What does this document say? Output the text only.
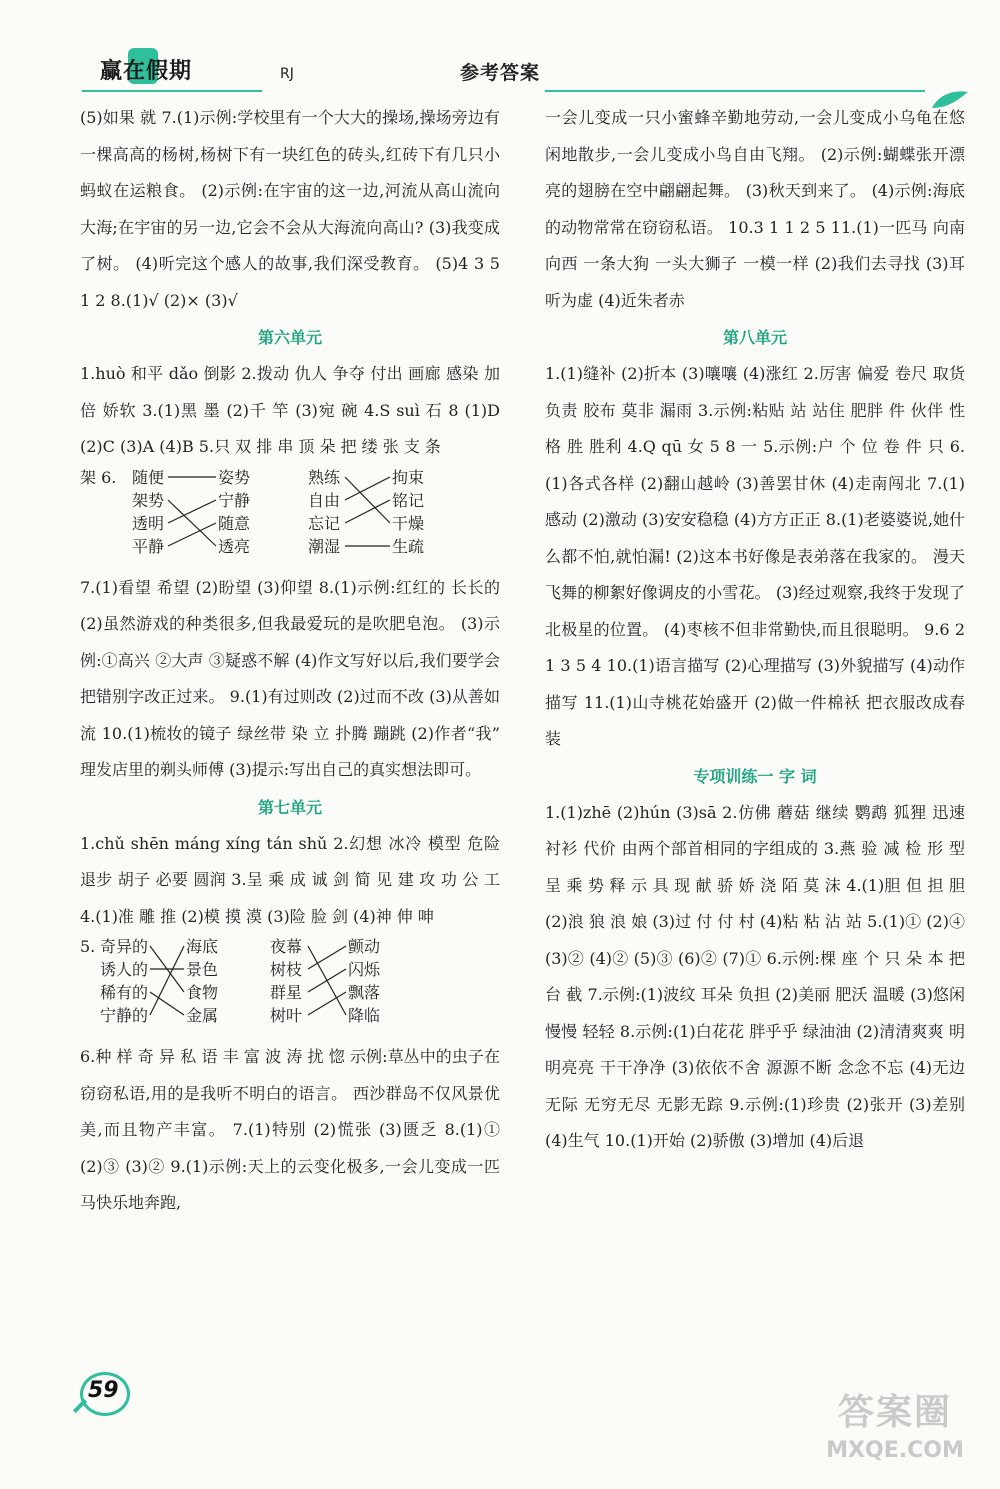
赢在假期	RJ	参考答案

(5)如果 就 7.(1)示例:学校里有一个大大的操场,操场旁边有一棵高高的杨树,杨树下有一块红色的砖头,红砖下有几只小蚂蚁在运粮食。 (2)示例:在宇宙的这一边,河流从高山流向大海;在宇宙的另一边,它会不会从大海流向高山? (3)我变成了树。 (4)听完这个感人的故事,我们深受教育。 (5)4 3 5 1 2 8.(1)√ (2)× (3)√

第六单元

1.huò 和平 dǎo 倒影 2.拨动 仇人 争夺 付出 画廊 感染 加倍 娇软 3.(1)黑 墨 (2)千 竿 (3)宛 碗 4.S suì 石 8 (1)D (2)C (3)A (4)B 5.只 双 排 串 顶 朵 把 缕 张 支 条

架 6. 随便
架势
透明
平静
姿势
宁静
随意
透亮
熟练
自由
忘记
潮湿
拘束
铭记
干燥
生疏

7.(1)看望 希望 (2)盼望 (3)仰望 8.(1)示例:红红的 长长的 (2)虽然游戏的种类很多,但我最爱玩的是吹肥皂泡。 (3)示例:①高兴 ②大声 ③疑惑不解 (4)作文写好以后,我们要学会把错别字改正过来。 9.(1)有过则改 (2)过而不改 (3)从善如流 10.(1)梳妆的镜子 绿丝带 染 立 扑腾 蹦跳 (2)作者“我” 理发店里的剃头师傅 (3)提示:写出自己的真实想法即可。

第七单元

1.chǔ shēn máng xíng tán shǔ 2.幻想 冰冷 模型 危险 退步 胡子 必要 圆润 3.呈 乘 成 诚 剑 简 见 建 攻 功 公 工 4.(1)准 雕 推 (2)模 摸 漠 (3)险 脸 剑 (4)神 伸 呻

5. 奇异的
诱人的
稀有的
宁静的
海底
景色
食物
金属
夜幕
树枝
群星
树叶
颤动
闪烁
飘落
降临

6.种 样 奇 异 私 语 丰 富 波 涛 扰 惚 示例:草丛中的虫子在窃窃私语,用的是我听不明白的语言。 西沙群岛不仅风景优美,而且物产丰富。 7.(1)特别 (2)慌张 (3)匮乏 8.(1)① (2)③ (3)② 9.(1)示例:天上的云变化极多,一会儿变成一匹马快乐地奔跑,

一会儿变成一只小蜜蜂辛勤地劳动,一会儿变成小乌龟在悠闲地散步,一会儿变成小鸟自由飞翔。 (2)示例:蝴蝶张开漂亮的翅膀在空中翩翩起舞。 (3)秋天到来了。 (4)示例:海底的动物常常在窃窃私语。 10.3 1 1 2 5 11.(1)一匹马 向南 向西 一条大狗 一头大狮子 一模一样 (2)我们去寻找 (3)耳听为虚 (4)近朱者赤

第八单元

1.(1)缝补 (2)折本 (3)嚷嚷 (4)涨红 2.厉害 偏爱 卷尺 取货 负责 胶布 莫非 漏雨 3.示例:粘贴 站 站住 肥胖 件 伙伴 性格 胜 胜利 4.Q qū 女 5 8 一 5.示例:户 个 位 卷 件 只 6.(1)各式各样 (2)翻山越岭 (3)善罢甘休 (4)走南闯北 7.(1)感动 (2)激动 (3)安安稳稳 (4)方方正正 8.(1)老婆婆说,她什么都不怕,就怕漏! (2)这本书好像是表弟落在我家的。 漫天飞舞的柳絮好像调皮的小雪花。 (3)经过观察,我终于发现了北极星的位置。 (4)枣核不但非常勤快,而且很聪明。 9.6 2 1 3 5 4 10.(1)语言描写 (2)心理描写 (3)外貌描写 (4)动作描写 11.(1)山寺桃花始盛开 (2)做一件棉袄 把衣服改成春装

专项训练一 字 词

1.(1)zhē (2)hún (3)sā 2.仿佛 蘑菇 继续 鹦鹉 狐狸 迅速 衬衫 代价 由两个部首相同的字组成的 3.燕 验 减 检 形 型 呈 乘 势 释 示 具 现 献 骄 娇 浇 陌 莫 沫 4.(1)胆 但 担 胆 (2)浪 狼 浪 娘 (3)过 付 付 村 (4)粘 粘 沾 站 5.(1)① (2)④ (3)② (4)② (5)③ (6)② (7)① 6.示例:棵 座 个 只 朵 本 把 台 截 7.示例:(1)波纹 耳朵 负担 (2)美丽 肥沃 温暖 (3)悠闲 慢慢 轻轻 8.示例:(1)白花花 胖乎乎 绿油油 (2)清清爽爽 明明亮亮 干干净净 (3)依依不舍 源源不断 念念不忘 (4)无边无际 无穷无尽 无影无踪 9.示例:(1)珍贵 (2)张开 (3)差别 (4)生气 10.(1)开始 (2)骄傲 (3)增加 (4)后退

59
答案圈
MXQE.COM
